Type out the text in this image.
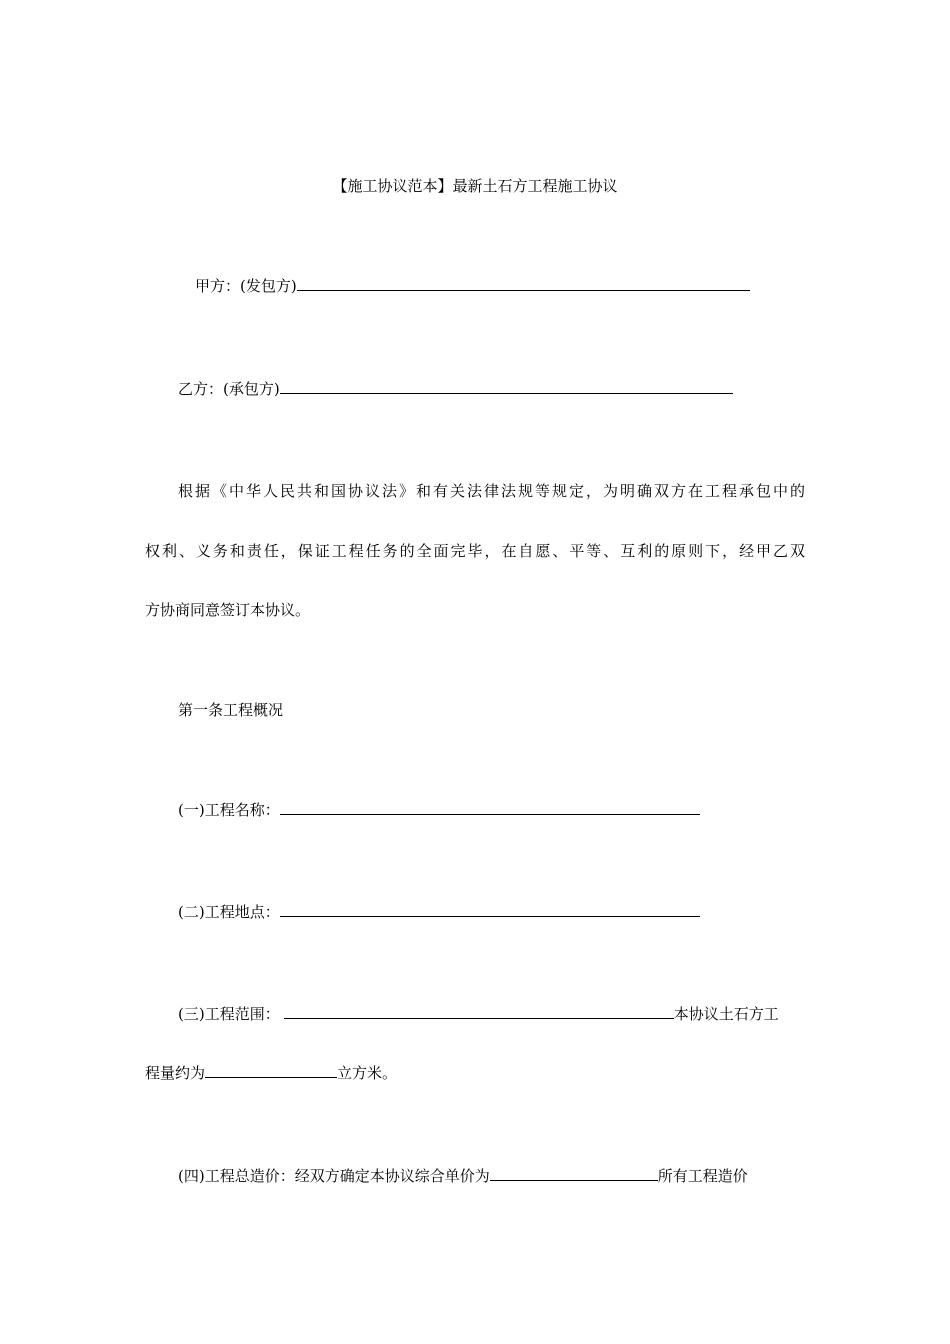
【施工协议范本】最新土石方工程施工协议
甲方：(发包方)
乙方：(承包方)
根据《中华人民共和国协议法》和有关法律法规等规定，为明确双方在工程承包中的
权利、义务和责任，保证工程任务的全面完毕，在自愿、平等、互利的原则下，经甲乙双
方协商同意签订本协议。
第一条工程概况
(一)工程名称：
(二)工程地点：
(三)工程范围：	本协议土石方工
程量约为	立方米。
(四)工程总造价：经双方确定本协议综合单价为	所有工程造价
